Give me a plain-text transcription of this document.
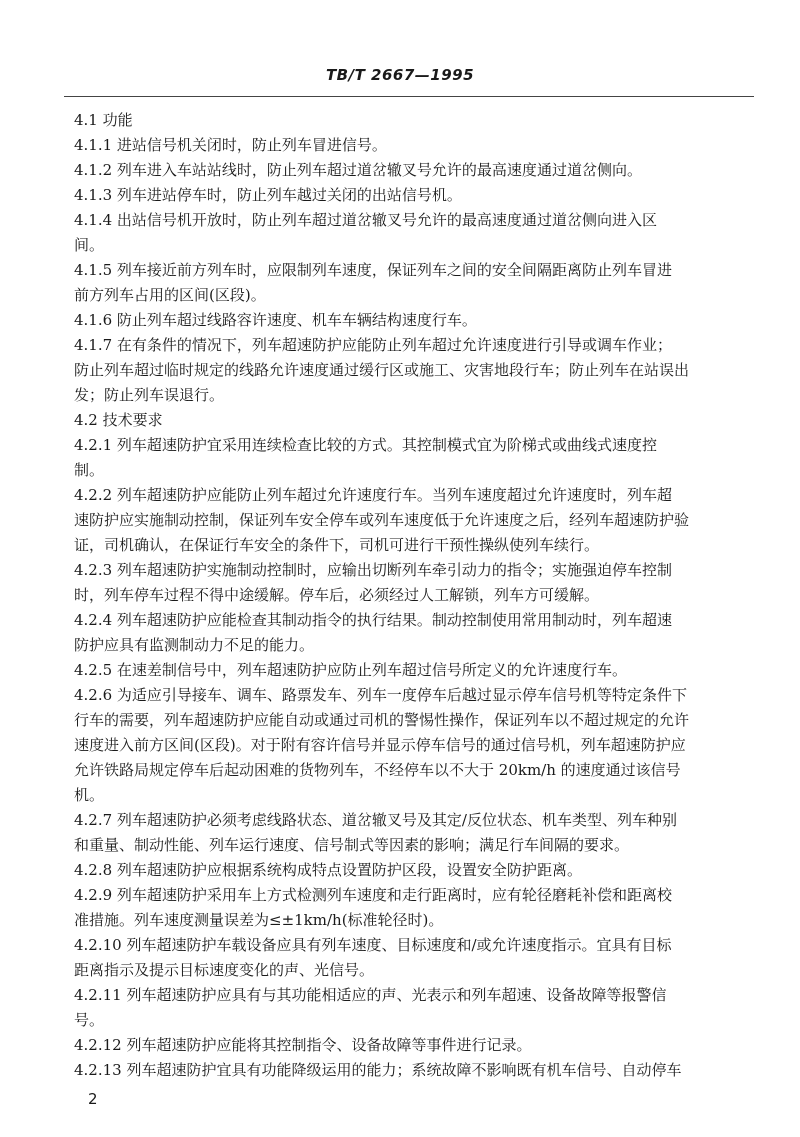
TB/T 2667—1995
4.1 功能
4.1.1 进站信号机关闭时，防止列车冒进信号。
4.1.2 列车进入车站站线时，防止列车超过道岔辙叉号允许的最高速度通过道岔侧向。
4.1.3 列车进站停车时，防止列车越过关闭的出站信号机。
4.1.4 出站信号机开放时，防止列车超过道岔辙叉号允许的最高速度通过道岔侧向进入区
间。
4.1.5 列车接近前方列车时，应限制列车速度，保证列车之间的安全间隔距离防止列车冒进
前方列车占用的区间(区段)。
4.1.6 防止列车超过线路容许速度、机车车辆结构速度行车。
4.1.7 在有条件的情况下，列车超速防护应能防止列车超过允许速度进行引导或调车作业；
防止列车超过临时规定的线路允许速度通过缓行区或施工、灾害地段行车；防止列车在站误出
发；防止列车误退行。
4.2 技术要求
4.2.1 列车超速防护宜采用连续检查比较的方式。其控制模式宜为阶梯式或曲线式速度控
制。
4.2.2 列车超速防护应能防止列车超过允许速度行车。当列车速度超过允许速度时，列车超
速防护应实施制动控制，保证列车安全停车或列车速度低于允许速度之后，经列车超速防护验
证，司机确认，在保证行车安全的条件下，司机可进行干预性操纵使列车续行。
4.2.3 列车超速防护实施制动控制时，应输出切断列车牵引动力的指令；实施强迫停车控制
时，列车停车过程不得中途缓解。停车后，必须经过人工解锁，列车方可缓解。
4.2.4 列车超速防护应能检查其制动指令的执行结果。制动控制使用常用制动时，列车超速
防护应具有监测制动力不足的能力。
4.2.5 在速差制信号中，列车超速防护应防止列车超过信号所定义的允许速度行车。
4.2.6 为适应引导接车、调车、路票发车、列车一度停车后越过显示停车信号机等特定条件下
行车的需要，列车超速防护应能自动或通过司机的警惕性操作，保证列车以不超过规定的允许
速度进入前方区间(区段)。对于附有容许信号并显示停车信号的通过信号机，列车超速防护应
允许铁路局规定停车后起动困难的货物列车，不经停车以不大于 20km/h 的速度通过该信号
机。
4.2.7 列车超速防护必须考虑线路状态、道岔辙叉号及其定/反位状态、机车类型、列车种别
和重量、制动性能、列车运行速度、信号制式等因素的影响；满足行车间隔的要求。
4.2.8 列车超速防护应根据系统构成特点设置防护区段，设置安全防护距离。
4.2.9 列车超速防护采用车上方式检测列车速度和走行距离时，应有轮径磨耗补偿和距离校
准措施。列车速度测量误差为≤±1km/h(标准轮径时)。
4.2.10 列车超速防护车载设备应具有列车速度、目标速度和/或允许速度指示。宜具有目标
距离指示及提示目标速度变化的声、光信号。
4.2.11 列车超速防护应具有与其功能相适应的声、光表示和列车超速、设备故障等报警信
号。
4.2.12 列车超速防护应能将其控制指令、设备故障等事件进行记录。
4.2.13 列车超速防护宜具有功能降级运用的能力；系统故障不影响既有机车信号、自动停车
2
